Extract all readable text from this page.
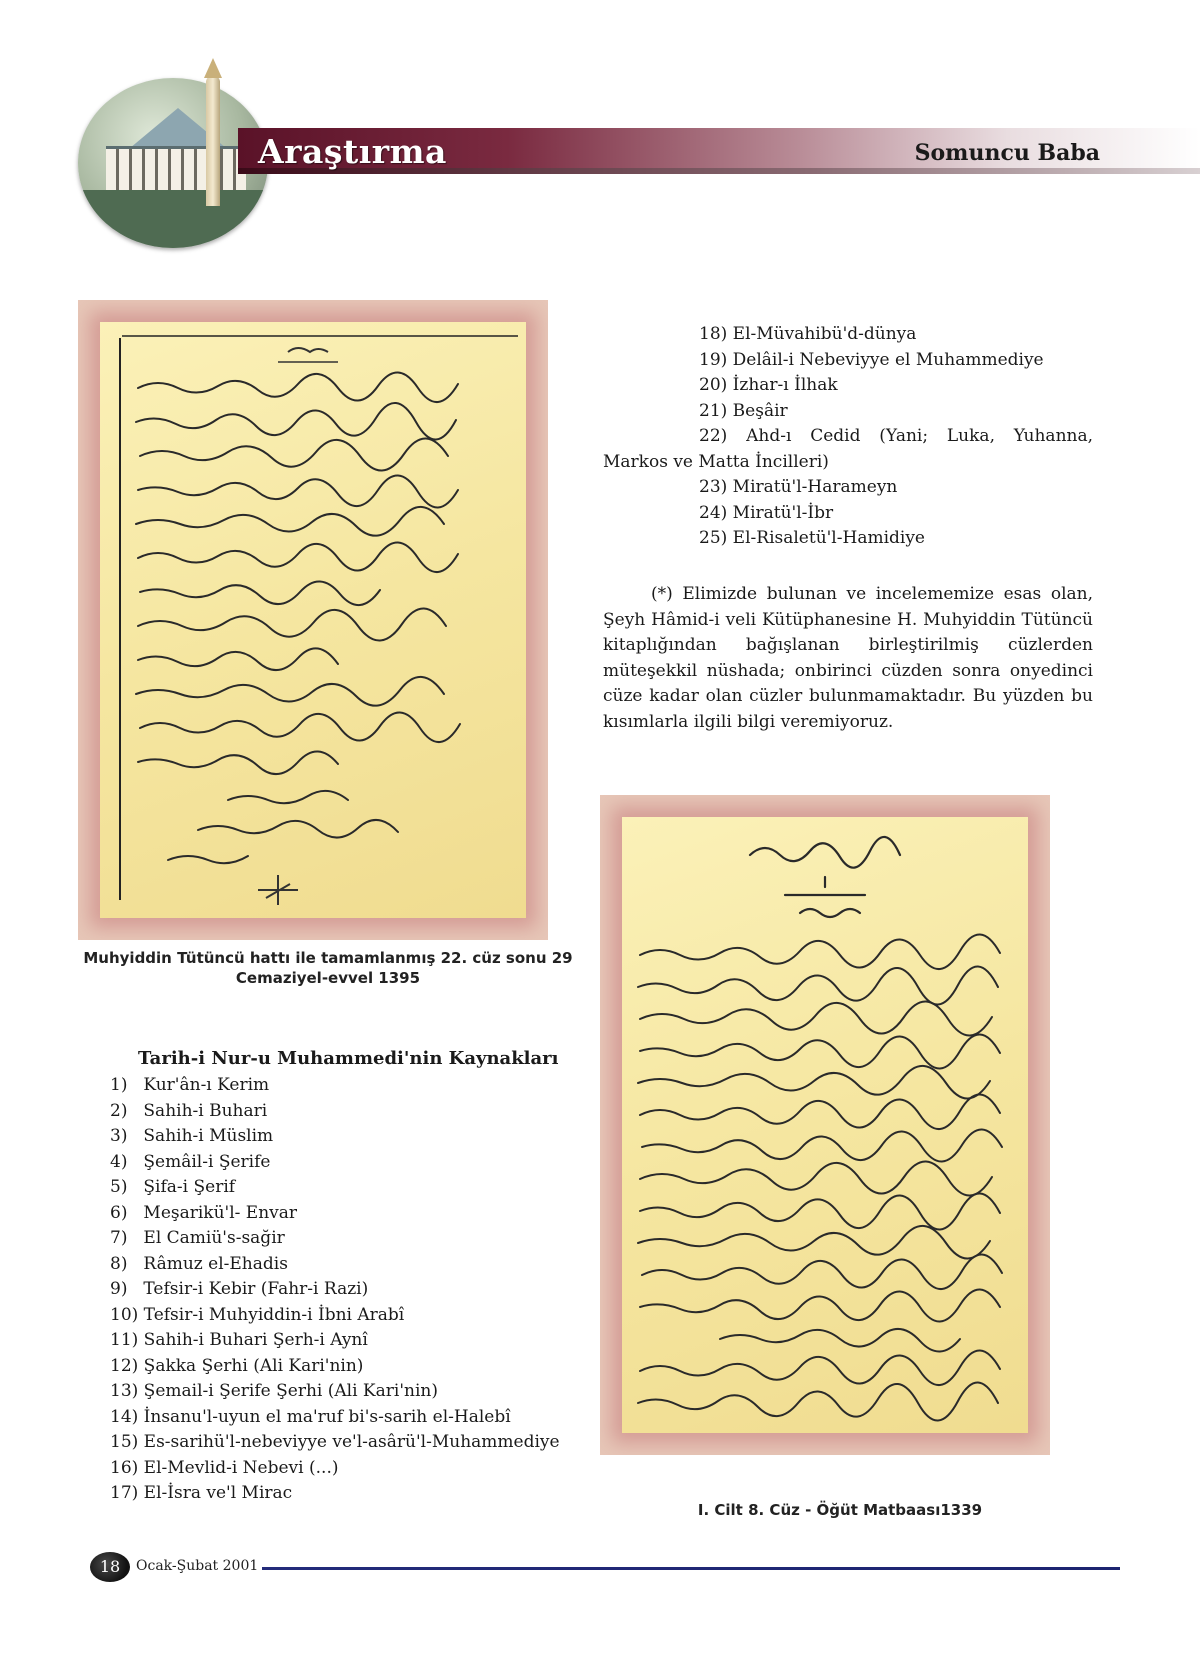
Araştırma	Somuncu Baba

Muhyiddin Tütüncü hattı ile tamamlanmış 22. cüz sonu 29 Cemaziyel-evvel 1395

Tarih-i Nur-u Muhammedi'nin Kaynakları
1) Kur'ân-ı Kerim
2) Sahih-i Buhari
3) Sahih-i Müslim
4) Şemâil-i Şerife
5) Şifa-i Şerif
6) Meşarikü'l- Envar
7) El Camiü's-sağir
8) Râmuz el-Ehadis
9) Tefsir-i Kebir (Fahr-i Razi)
10) Tefsir-i Muhyiddin-i İbni Arabî
11) Sahih-i Buhari Şerh-i Aynî
12) Şakka Şerhi (Ali Kari'nin)
13) Şemail-i Şerife Şerhi (Ali Kari'nin)
14) İnsanu'l-uyun el ma'ruf bi's-sarih el-Halebî
15) Es-sarihü'l-nebeviyye ve'l-asârü'l-Muhammediye
16) El-Mevlid-i Nebevi (...)
17) El-İsra ve'l Mirac
18) El-Müvahibü'd-dünya
19) Delâil-i Nebeviyye el Muhammediye
20) İzhar-ı İlhak
21) Beşâir
22) Ahd-ı Cedid (Yani; Luka, Yuhanna, Markos ve Matta İncilleri)
23) Miratü'l-Harameyn
24) Miratü'l-İbr
25) El-Risaletü'l-Hamidiye

(*) Elimizde bulunan ve incelememize esas olan, Şeyh Hâmid-i veli Kütüphanesine H. Muhyiddin Tütüncü kitaplığından bağışlanan birleştirilmiş cüzlerden müteşekkil nüshada; onbirinci cüzden sonra onyedinci cüze kadar olan cüzler bulunmamaktadır. Bu yüzden bu kısımlarla ilgili bilgi veremiyoruz.

I. Cilt 8. Cüz - Öğüt Matbaası1339

18	Ocak-Şubat 2001
